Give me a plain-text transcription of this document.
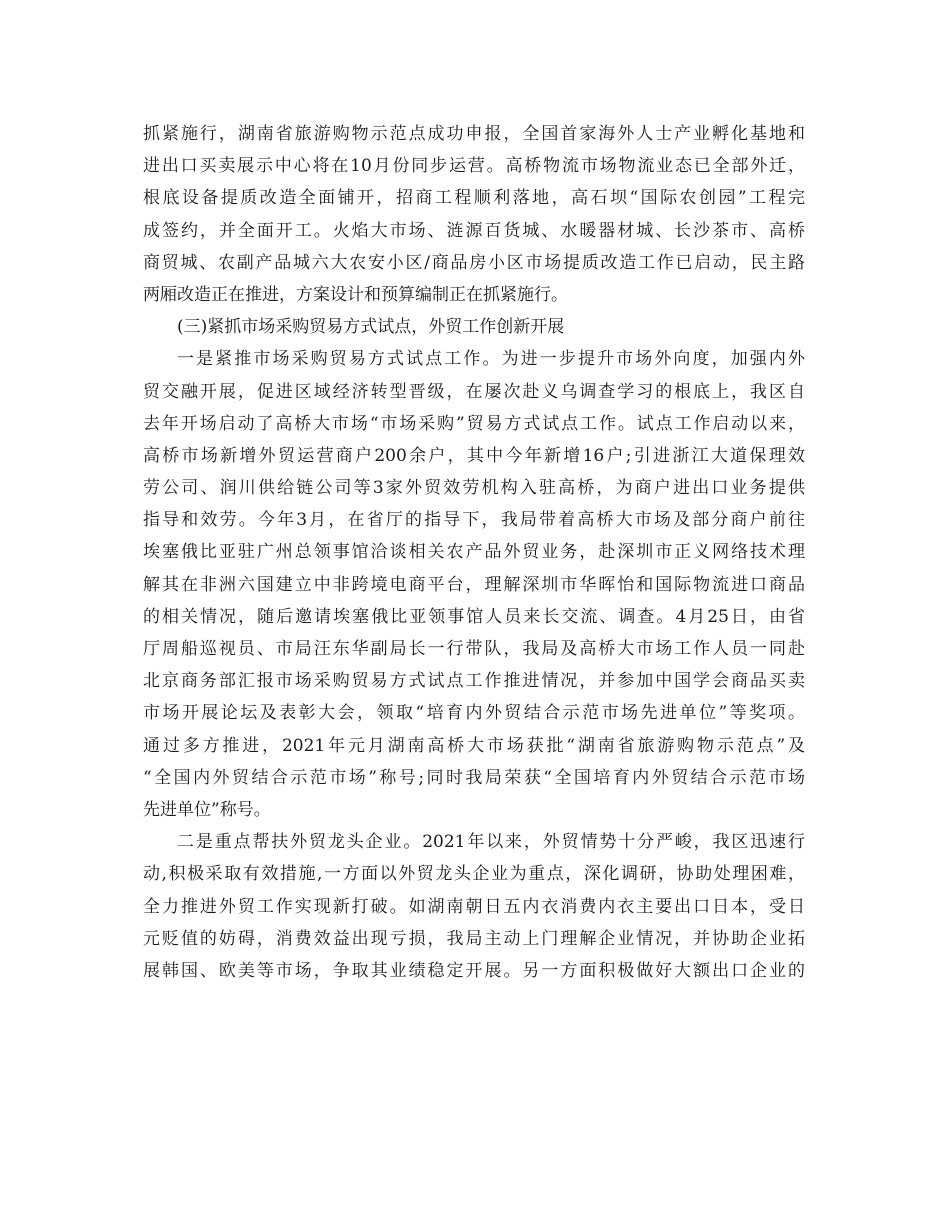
抓紧施行，湖南省旅游购物示范点成功申报，全国首家海外人士产业孵化基地和
进出口买卖展示中心将在10月份同步运营。高桥物流市场物流业态已全部外迁，
根底设备提质改造全面铺开，招商工程顺利落地，高石坝“国际农创园”工程完
成签约，并全面开工。火焰大市场、涟源百货城、水暖器材城、长沙茶市、高桥
商贸城、农副产品城六大农安小区/商品房小区市场提质改造工作已启动，民主路
两厢改造正在推进，方案设计和预算编制正在抓紧施行。
(三)紧抓市场采购贸易方式试点，外贸工作创新开展
一是紧推市场采购贸易方式试点工作。为进一步提升市场外向度，加强内外
贸交融开展，促进区域经济转型晋级，在屡次赴义乌调查学习的根底上，我区自
去年开场启动了高桥大市场“市场采购”贸易方式试点工作。试点工作启动以来，
高桥市场新增外贸运营商户200余户，其中今年新增16户;引进浙江大道保理效
劳公司、润川供给链公司等3家外贸效劳机构入驻高桥，为商户进出口业务提供
指导和效劳。今年3月，在省厅的指导下，我局带着高桥大市场及部分商户前往
埃塞俄比亚驻广州总领事馆洽谈相关农产品外贸业务，赴深圳市正义网络技术理
解其在非洲六国建立中非跨境电商平台，理解深圳市华晖怡和国际物流进口商品
的相关情况，随后邀请埃塞俄比亚领事馆人员来长交流、调查。4月25日，由省
厅周船巡视员、市局汪东华副局长一行带队，我局及高桥大市场工作人员一同赴
北京商务部汇报市场采购贸易方式试点工作推进情况，并参加中国学会商品买卖
市场开展论坛及表彰大会，领取“培育内外贸结合示范市场先进单位”等奖项。
通过多方推进，2021年元月湖南高桥大市场获批“湖南省旅游购物示范点”及
“全国内外贸结合示范市场”称号;同时我局荣获“全国培育内外贸结合示范市场
先进单位”称号。
二是重点帮扶外贸龙头企业。2021年以来，外贸情势十分严峻，我区迅速行
动,积极采取有效措施,一方面以外贸龙头企业为重点，深化调研，协助处理困难，
全力推进外贸工作实现新打破。如湖南朝日五内衣消费内衣主要出口日本，受日
元贬值的妨碍，消费效益出现亏损，我局主动上门理解企业情况，并协助企业拓
展韩国、欧美等市场，争取其业绩稳定开展。另一方面积极做好大额出口企业的
